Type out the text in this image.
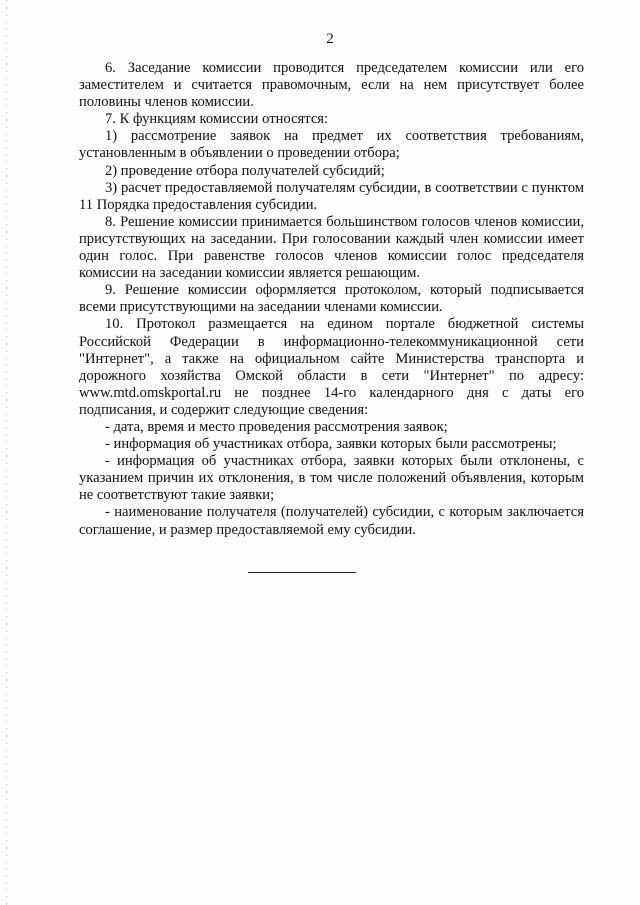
2

6. Заседание комиссии проводится председателем комиссии или его заместителем и считается правомочным, если на нем присутствует более половины членов комиссии.

7. К функциям комиссии относятся:

1) рассмотрение заявок на предмет их соответствия требованиям, установленным в объявлении о проведении отбора;

2) проведение отбора получателей субсидий;

3) расчет предоставляемой получателям субсидии, в соответствии с пунктом 11 Порядка предоставления субсидии.

8. Решение комиссии принимается большинством голосов членов комиссии, присутствующих на заседании. При голосовании каждый член комиссии имеет один голос. При равенстве голосов членов комиссии голос председателя комиссии на заседании комиссии является решающим.

9. Решение комиссии оформляется протоколом, который подписывается всеми присутствующими на заседании членами комиссии.

10. Протокол размещается на едином портале бюджетной системы Российской Федерации в информационно-телекоммуникационной сети "Интернет", а также на официальном сайте Министерства транспорта и дорожного хозяйства Омской области в сети "Интернет" по адресу: www.mtd.omskportal.ru не позднее 14-го календарного дня с даты его подписания, и содержит следующие сведения:

- дата, время и место проведения рассмотрения заявок;

- информация об участниках отбора, заявки которых были рассмотрены;

- информация об участниках отбора, заявки которых были отклонены, с указанием причин их отклонения, в том числе положений объявления, которым не соответствуют такие заявки;

- наименование получателя (получателей) субсидии, с которым заключается соглашение, и размер предоставляемой ему субсидии.
